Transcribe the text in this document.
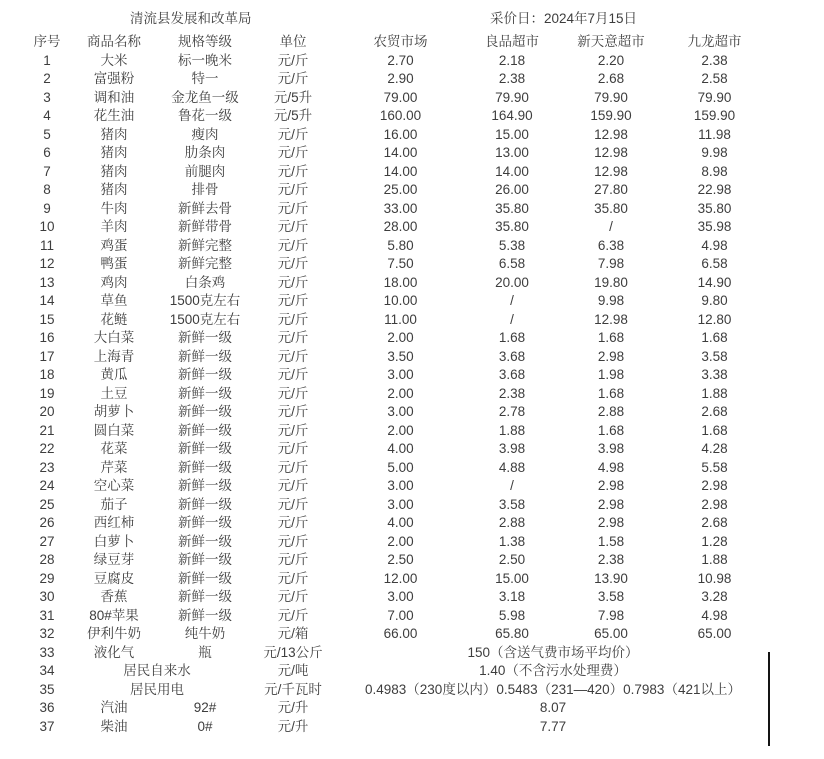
清流县发展和改革局	采价日：2024年7月15日
序号	商品名称	规格等级	单位	农贸市场	良品超市	新天意超市	九龙超市
1	大米	标一晚米	元/斤	2.70	2.18	2.20	2.38
2	富强粉	特一	元/斤	2.90	2.38	2.68	2.58
3	调和油	金龙鱼一级	元/5升	79.00	79.90	79.90	79.90
4	花生油	鲁花一级	元/5升	160.00	164.90	159.90	159.90
5	猪肉	瘦肉	元/斤	16.00	15.00	12.98	11.98
6	猪肉	肋条肉	元/斤	14.00	13.00	12.98	9.98
7	猪肉	前腿肉	元/斤	14.00	14.00	12.98	8.98
8	猪肉	排骨	元/斤	25.00	26.00	27.80	22.98
9	牛肉	新鲜去骨	元/斤	33.00	35.80	35.80	35.80
10	羊肉	新鲜带骨	元/斤	28.00	35.80	/	35.98
11	鸡蛋	新鲜完整	元/斤	5.80	5.38	6.38	4.98
12	鸭蛋	新鲜完整	元/斤	7.50	6.58	7.98	6.58
13	鸡肉	白条鸡	元/斤	18.00	20.00	19.80	14.90
14	草鱼	1500克左右	元/斤	10.00	/	9.98	9.80
15	花鲢	1500克左右	元/斤	11.00	/	12.98	12.80
16	大白菜	新鲜一级	元/斤	2.00	1.68	1.68	1.68
17	上海青	新鲜一级	元/斤	3.50	3.68	2.98	3.58
18	黄瓜	新鲜一级	元/斤	3.00	3.68	1.98	3.38
19	土豆	新鲜一级	元/斤	2.00	2.38	1.68	1.88
20	胡萝卜	新鲜一级	元/斤	3.00	2.78	2.88	2.68
21	圆白菜	新鲜一级	元/斤	2.00	1.88	1.68	1.68
22	花菜	新鲜一级	元/斤	4.00	3.98	3.98	4.28
23	芹菜	新鲜一级	元/斤	5.00	4.88	4.98	5.58
24	空心菜	新鲜一级	元/斤	3.00	/	2.98	2.98
25	茄子	新鲜一级	元/斤	3.00	3.58	2.98	2.98
26	西红柿	新鲜一级	元/斤	4.00	2.88	2.98	2.68
27	白萝卜	新鲜一级	元/斤	2.00	1.38	1.58	1.28
28	绿豆芽	新鲜一级	元/斤	2.50	2.50	2.38	1.88
29	豆腐皮	新鲜一级	元/斤	12.00	15.00	13.90	10.98
30	香蕉	新鲜一级	元/斤	3.00	3.18	3.58	3.28
31	80#苹果	新鲜一级	元/斤	7.00	5.98	7.98	4.98
32	伊利牛奶	纯牛奶	元/箱	66.00	65.80	65.00	65.00
33	液化气	瓶	元/13公斤	150（含送气费市场平均价）			
34	居民自来水		元/吨	1.40（不含污水处理费）			
35	居民用电		元/千瓦时	0.4983（230度以内）0.5483（231—420）0.7983（421以上）			
36	汽油	92#	元/升	8.07			
37	柴油	0#	元/升	7.77			
